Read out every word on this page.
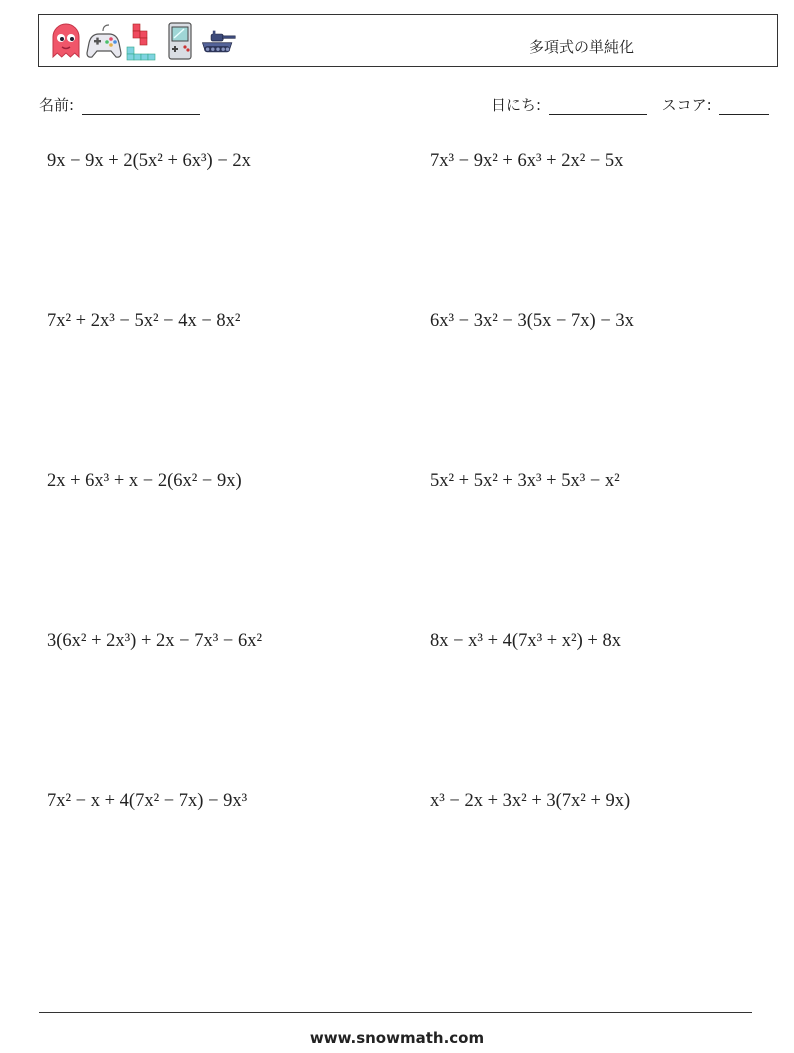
多項式の単純化
名前:	日にち:	スコア:
9x − 9x + 2(5x² + 6x³) − 2x	7x³ − 9x² + 6x³ + 2x² − 5x
7x² + 2x³ − 5x² − 4x − 8x²	6x³ − 3x² − 3(5x − 7x) − 3x
2x + 6x³ + x − 2(6x² − 9x)	5x² + 5x² + 3x³ + 5x³ − x²
3(6x² + 2x³) + 2x − 7x³ − 6x²	8x − x³ + 4(7x³ + x²) + 8x
7x² − x + 4(7x² − 7x) − 9x³	x³ − 2x + 3x² + 3(7x² + 9x)
www.snowmath.com
